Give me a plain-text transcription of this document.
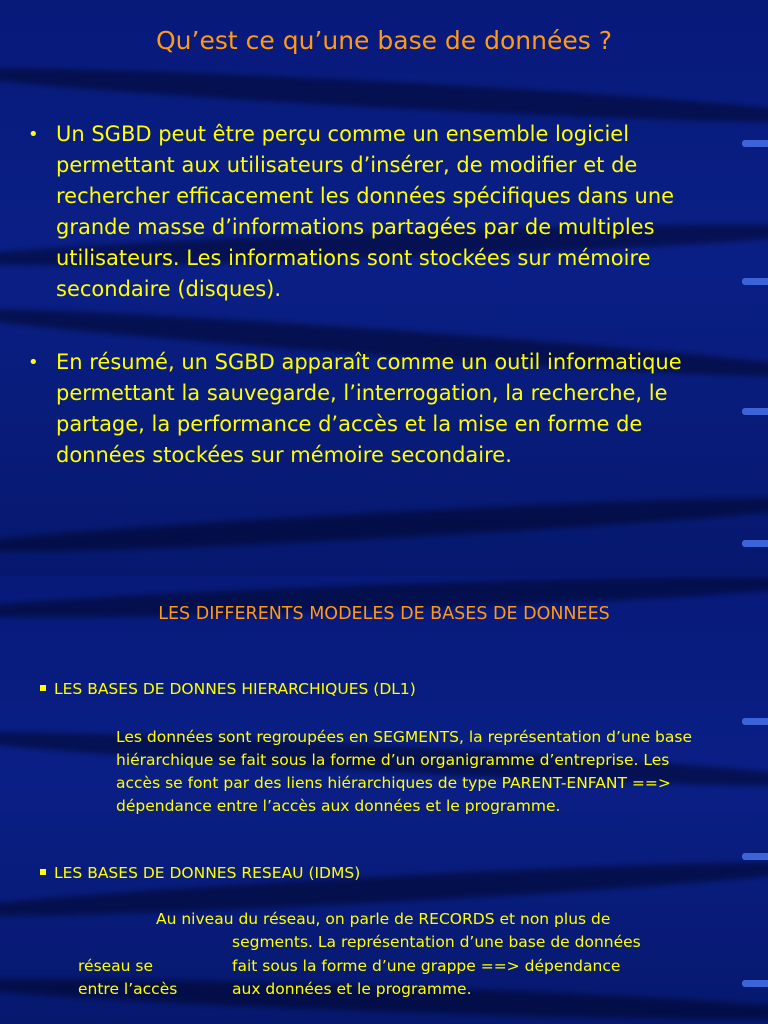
Qu’est ce qu’une base de données ?
• Un SGBD peut être perçu comme un ensemble logiciel permettant aux utilisateurs d’insérer, de modifier et de rechercher efficacement les données spécifiques dans une grande masse d’informations partagées par de multiples utilisateurs. Les informations sont stockées sur mémoire secondaire (disques).
• En résumé, un SGBD apparaît comme un outil informatique permettant la sauvegarde, l’interrogation, la recherche, le partage, la performance d’accès et la mise en forme de données stockées sur mémoire secondaire.
LES DIFFERENTS MODELES DE BASES DE DONNEES
LES BASES DE DONNES HIERARCHIQUES (DL1)
Les données sont regroupées en SEGMENTS, la représentation d’une base hiérarchique se fait sous la forme d’un organigramme d’entreprise. Les accès se font par des liens hiérarchiques de type PARENT-ENFANT ==> dépendance entre l’accès aux données et le programme.
LES BASES DE DONNES RESEAU (IDMS)
Au niveau du réseau, on parle de RECORDS et non plus de
segments. La représentation d’une base de données
réseau se	fait sous la forme d’une grappe ==> dépendance
entre l’accès	aux données et le programme.
